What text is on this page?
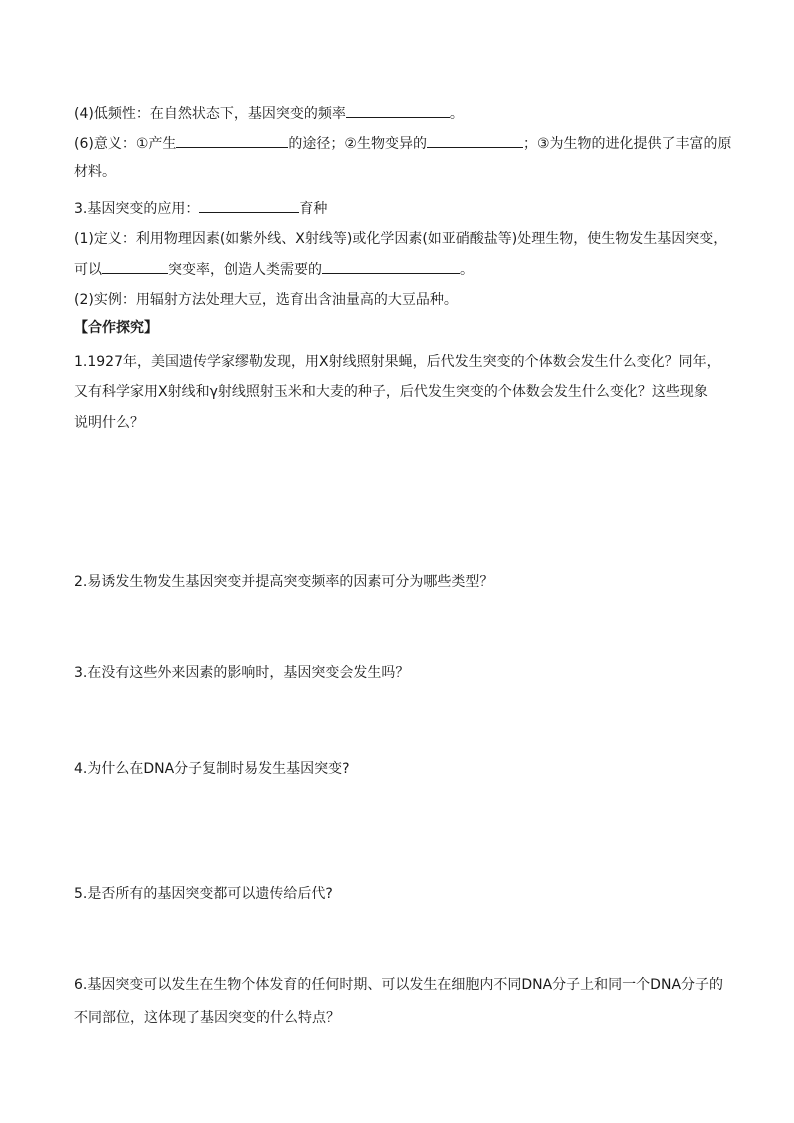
(4)低频性：在自然状态下，基因突变的频率	。
(6)意义：①产生	的途径；②生物变异的	；③为生物的进化提供了丰富的原
材料。
3.基因突变的应用：	育种
(1)定义：利用物理因素(如紫外线、X射线等)或化学因素(如亚硝酸盐等)处理生物，使生物发生基因突变，
可以	突变率，创造人类需要的	。
(2)实例：用辐射方法处理大豆，选育出含油量高的大豆品种。
【合作探究】
1.1927年，美国遗传学家缪勒发现，用X射线照射果蝇，后代发生突变的个体数会发生什么变化？同年，
又有科学家用X射线和γ射线照射玉米和大麦的种子，后代发生突变的个体数会发生什么变化？这些现象
说明什么？
2.易诱发生物发生基因突变并提高突变频率的因素可分为哪些类型？
3.在没有这些外来因素的影响时，基因突变会发生吗？
4.为什么在DNA分子复制时易发生基因突变?
5.是否所有的基因突变都可以遗传给后代?
6.基因突变可以发生在生物个体发育的任何时期、可以发生在细胞内不同DNA分子上和同一个DNA分子的
不同部位，这体现了基因突变的什么特点？
